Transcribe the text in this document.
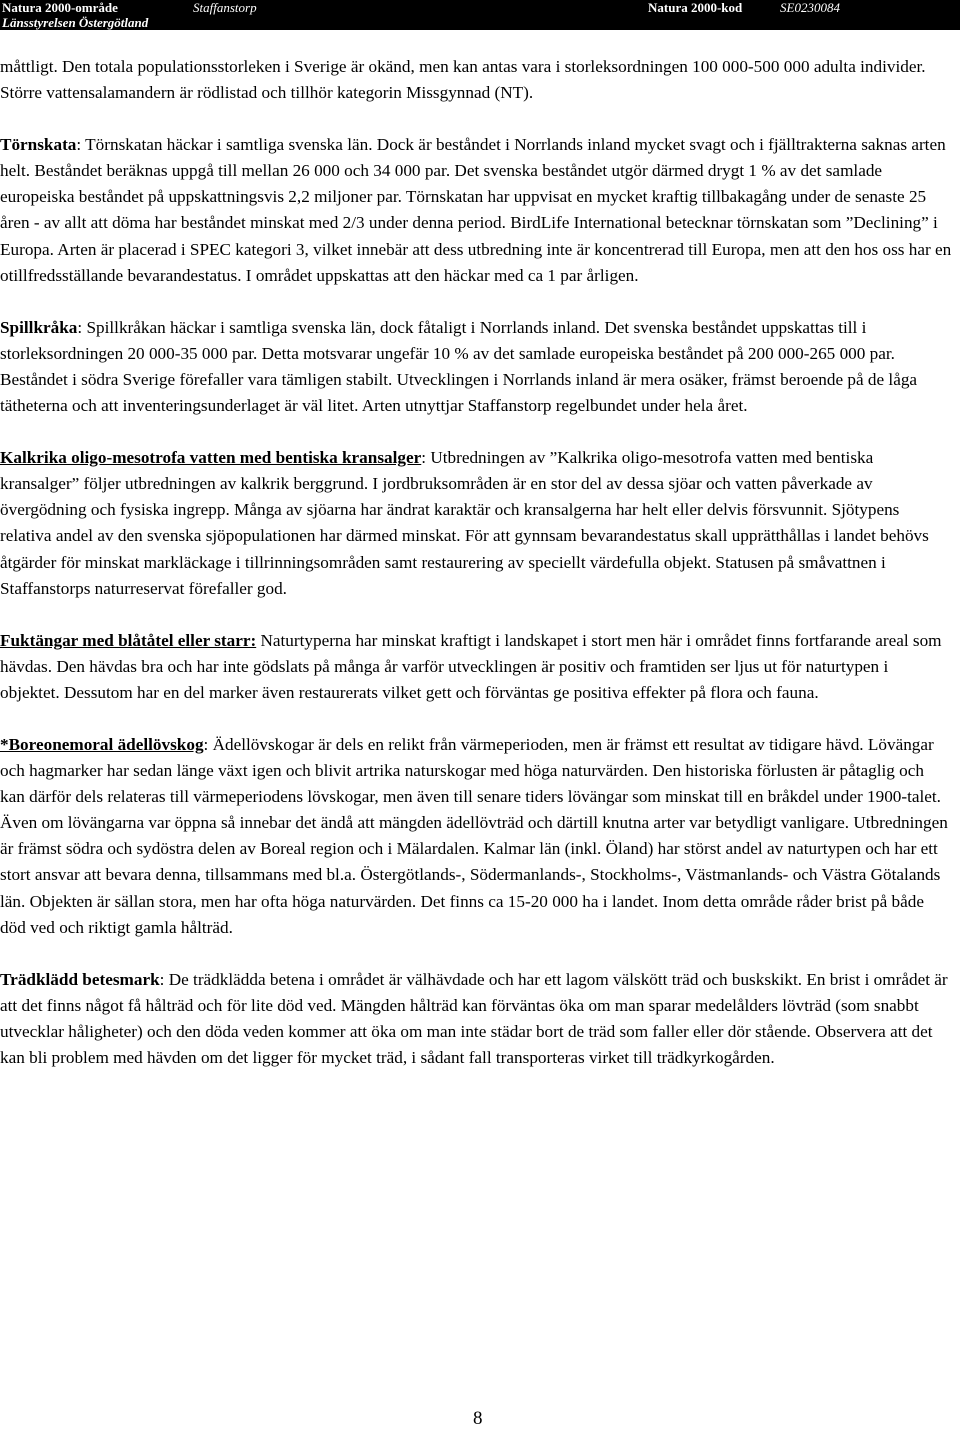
Natura 2000-område	Staffanstorp
Länsstyrelsen Östergötland
Natura 2000-kod	SE0230084

måttligt. Den totala populationsstorleken i Sverige är okänd, men kan antas vara i storleksordningen 100 000-500 000 adulta individer. Större vattensalamandern är rödlistad och tillhör kategorin Missgynnad (NT).

Törnskata: Törnskatan häckar i samtliga svenska län. Dock är beståndet i Norrlands inland mycket svagt och i fjälltrakterna saknas arten helt. Beståndet beräknas uppgå till mellan 26 000 och 34 000 par. Det svenska beståndet utgör därmed drygt 1 % av det samlade europeiska beståndet på uppskattningsvis 2,2 miljoner par. Törnskatan har uppvisat en mycket kraftig tillbakagång under de senaste 25 åren - av allt att döma har beståndet minskat med 2/3 under denna period. BirdLife International betecknar törnskatan som ”Declining” i Europa. Arten är placerad i SPEC kategori 3, vilket innebär att dess utbredning inte är koncentrerad till Europa, men att den hos oss har en otillfredsställande bevarandestatus. I området uppskattas att den häckar med ca 1 par årligen.

Spillkråka: Spillkråkan häckar i samtliga svenska län, dock fåtaligt i Norrlands inland. Det svenska beståndet uppskattas till i storleksordningen 20 000-35 000 par. Detta motsvarar ungefär 10 % av det samlade europeiska beståndet på 200 000-265 000 par. Beståndet i södra Sverige förefaller vara tämligen stabilt. Utvecklingen i Norrlands inland är mera osäker, främst beroende på de låga tätheterna och att inventeringsunderlaget är väl litet. Arten utnyttjar Staffanstorp regelbundet under hela året.

Kalkrika oligo-mesotrofa vatten med bentiska kransalger: Utbredningen av ”Kalkrika oligo-mesotrofa vatten med bentiska kransalger” följer utbredningen av kalkrik berggrund. I jordbruksområden är en stor del av dessa sjöar och vatten påverkade av övergödning och fysiska ingrepp. Många av sjöarna har ändrat karaktär och kransalgerna har helt eller delvis försvunnit. Sjötypens relativa andel av den svenska sjöpopulationen har därmed minskat. För att gynnsam bevarandestatus skall upprätthållas i landet behövs åtgärder för minskat markläckage i tillrinningsområden samt restaurering av speciellt värdefulla objekt. Statusen på småvattnen i Staffanstorps naturreservat förefaller god.

Fuktängar med blåtåtel eller starr: Naturtyperna har minskat kraftigt i landskapet i stort men här i området finns fortfarande areal som hävdas. Den hävdas bra och har inte gödslats på många år varför utvecklingen är positiv och framtiden ser ljus ut för naturtypen i objektet. Dessutom har en del marker även restaurerats vilket gett och förväntas ge positiva effekter på flora och fauna.

*Boreonemoral ädellövskog: Ädellövskogar är dels en relikt från värmeperioden, men är främst ett resultat av tidigare hävd. Lövängar och hagmarker har sedan länge växt igen och blivit artrika naturskogar med höga naturvärden. Den historiska förlusten är påtaglig och kan därför dels relateras till värmeperiodens lövskogar, men även till senare tiders lövängar som minskat till en bråkdel under 1900-talet. Även om lövängarna var öppna så innebar det ändå att mängden ädellövträd och därtill knutna arter var betydligt vanligare. Utbredningen är främst södra och sydöstra delen av Boreal region och i Mälardalen. Kalmar län (inkl. Öland) har störst andel av naturtypen och har ett stort ansvar att bevara denna, tillsammans med bl.a. Östergötlands-, Södermanlands-, Stockholms-, Västmanlands- och Västra Götalands län. Objekten är sällan stora, men har ofta höga naturvärden. Det finns ca 15-20 000 ha i landet. Inom detta område råder brist på både död ved och riktigt gamla hålträd.

Trädklädd betesmark: De trädklädda betena i området är välhävdade och har ett lagom välskött träd och buskskikt. En brist i området är att det finns något få hålträd och för lite död ved. Mängden hålträd kan förväntas öka om man sparar medelålders lövträd (som snabbt utvecklar håligheter) och den döda veden kommer att öka om man inte städar bort de träd som faller eller dör stående. Observera att det kan bli problem med hävden om det ligger för mycket träd, i sådant fall transporteras virket till trädkyrkogården.

8
